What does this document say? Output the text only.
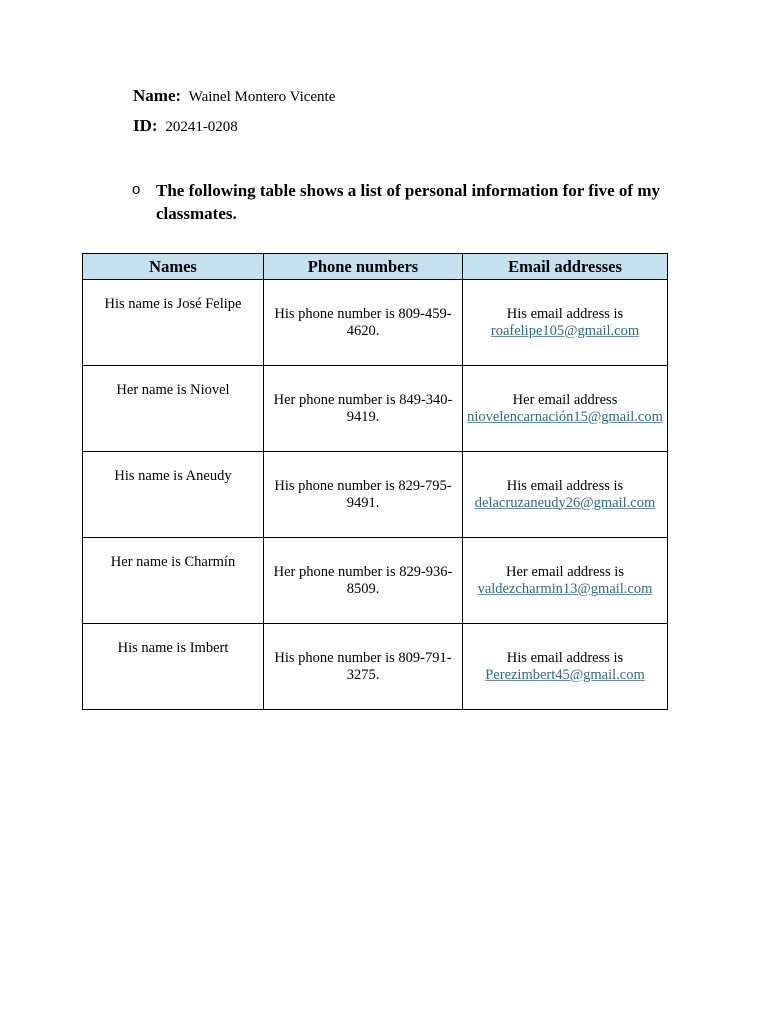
Name: Wainel Montero Vicente
ID: 20241-0208
o The following table shows a list of personal information for five of my classmates.
Names	Phone numbers	Email addresses
His name is José Felipe	His phone number is 809-459-4620.	His email address is
roafelipe105@gmail.com

Her name is Niovel	Her phone number is 849-340-9419.	Her email address
niovelencarnación15@gmail.com

His name is Aneudy	His phone number is 829-795-9491.	His email address is
delacruzaneudy26@gmail.com

Her name is Charmín	Her phone number is 829-936-8509.	Her email address is
valdezcharmin13@gmail.com

His name is Imbert	His phone number is 809-791-3275.	His email address is
Perezimbert45@gmail.com
